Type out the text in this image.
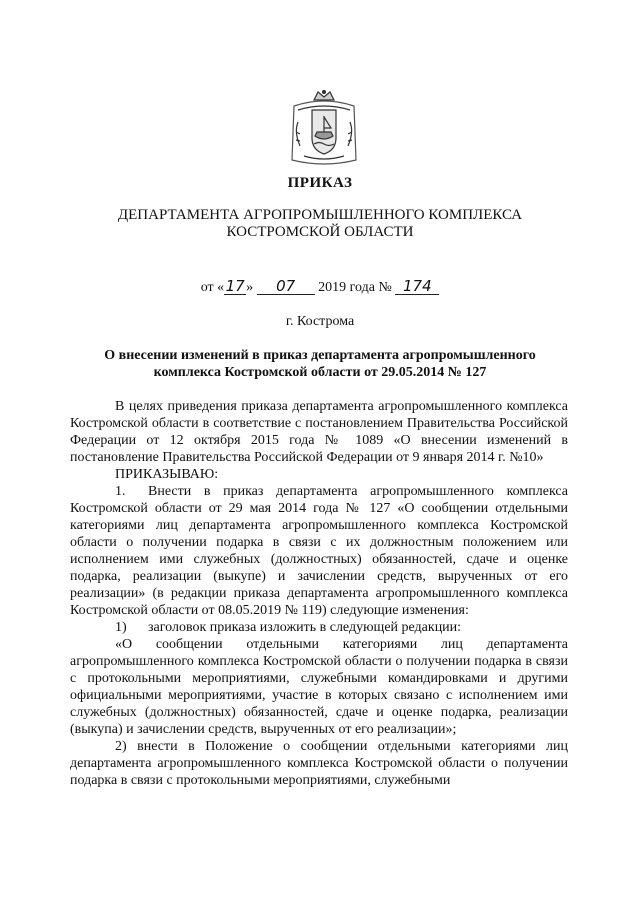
ПРИКАЗ
ДЕПАРТАМЕНТА АГРОПРОМЫШЛЕННОГО КОМПЛЕКСА
КОСТРОМСКОЙ ОБЛАСТИ
от «17» 07 2019 года № 174
г. Кострома
О внесении изменений в приказ департамента агропромышленного
комплекса Костромской области от 29.05.2014 № 127

В целях приведения приказа департамента агропромышленного комплекса Костромской области в соответствие с постановлением Правительства Российской Федерации от 12 октября 2015 года № 1089 «О внесении изменений в постановление Правительства Российской Федерации от 9 января 2014 г. №10»

ПРИКАЗЫВАЮ:

1. Внести в приказ департамента агропромышленного комплекса Костромской области от 29 мая 2014 года № 127 «О сообщении отдельными категориями лиц департамента агропромышленного комплекса Костромской области о получении подарка в связи с их должностным положением или исполнением ими служебных (должностных) обязанностей, сдаче и оценке подарка, реализации (выкупе) и зачислении средств, вырученных от его реализации» (в редакции приказа департамента агропромышленного комплекса Костромской области от 08.05.2019 № 119) следующие изменения:

1) заголовок приказа изложить в следующей редакции:

«О сообщении отдельными категориями лиц департамента агропромышленного комплекса Костромской области о получении подарка в связи с протокольными мероприятиями, служебными командировками и другими официальными мероприятиями, участие в которых связано с исполнением ими служебных (должностных) обязанностей, сдаче и оценке подарка, реализации (выкупа) и зачислении средств, вырученных от его реализации»;

2) внести в Положение о сообщении отдельными категориями лиц департамента агропромышленного комплекса Костромской области о получении подарка в связи с протокольными мероприятиями, служебными
